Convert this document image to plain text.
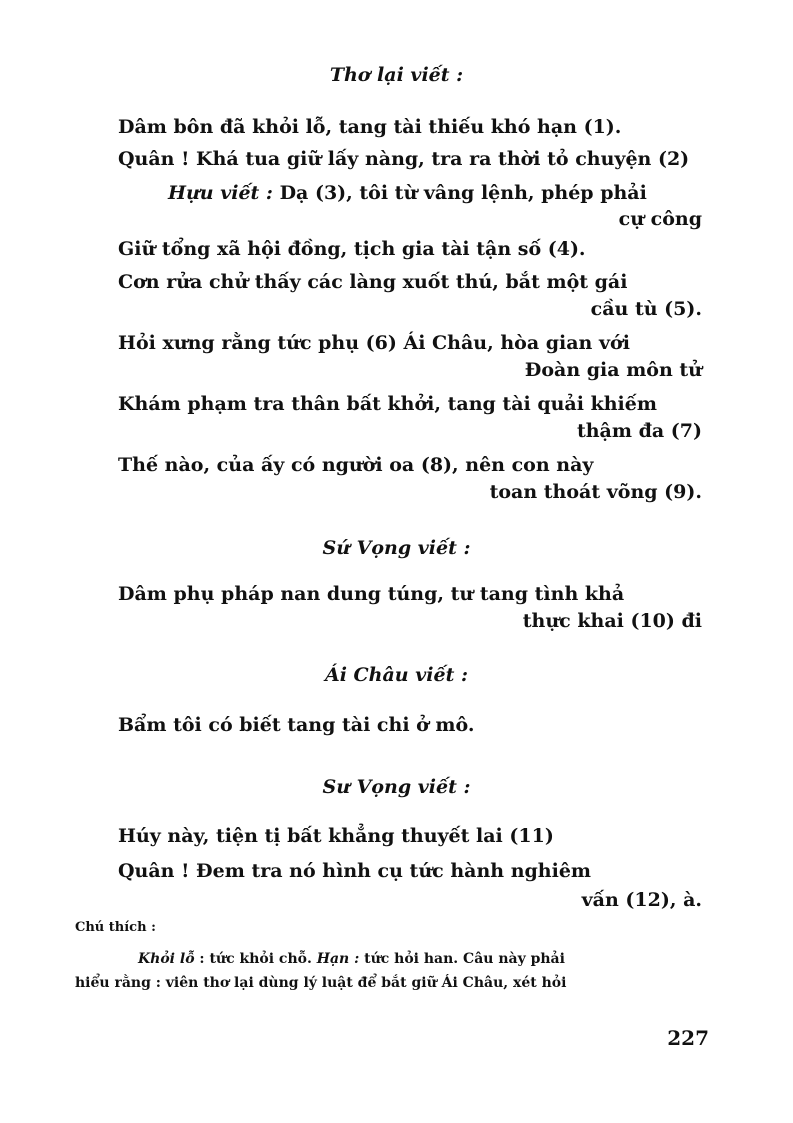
Thơ lại viết :
Dâm bôn đã khỏi lỗ, tang tài thiếu khó hạn (1).
Quân ! Khá tua giữ lấy nàng, tra ra thời tỏ chuyện (2)
Hựu viết : Dạ (3), tôi từ vâng lệnh, phép phải
cự công
Giữ tổng xã hội đồng, tịch gia tài tận số (4).
Cơn rửa chử thấy các làng xuốt thú, bắt một gái
cầu tù (5).
Hỏi xưng rằng tức phụ (6) Ái Châu, hòa gian với
Đoàn gia môn tử
Khám phạm tra thân bất khởi, tang tài quải khiếm
thậm đa (7)
Thế nào, của ấy có người oa (8), nên con này
toan thoát võng (9).
Sứ Vọng viết :
Dâm phụ pháp nan dung túng, tư tang tình khả
thực khai (10) đi
Ái Châu viết :
Bẩm tôi có biết tang tài chi ở mô.
Sư Vọng viết :
Húy này, tiện tị bất khẳng thuyết lai (11)
Quân ! Đem tra nó hình cụ tức hành nghiêm
vấn (12), à.
Chú thích :
Khỏi lỗ : tức khỏi chỗ. Hạn : tức hỏi han. Câu này phải
hiểu rằng : viên thơ lại dùng lý luật để bắt giữ Ái Châu, xét hỏi
227
